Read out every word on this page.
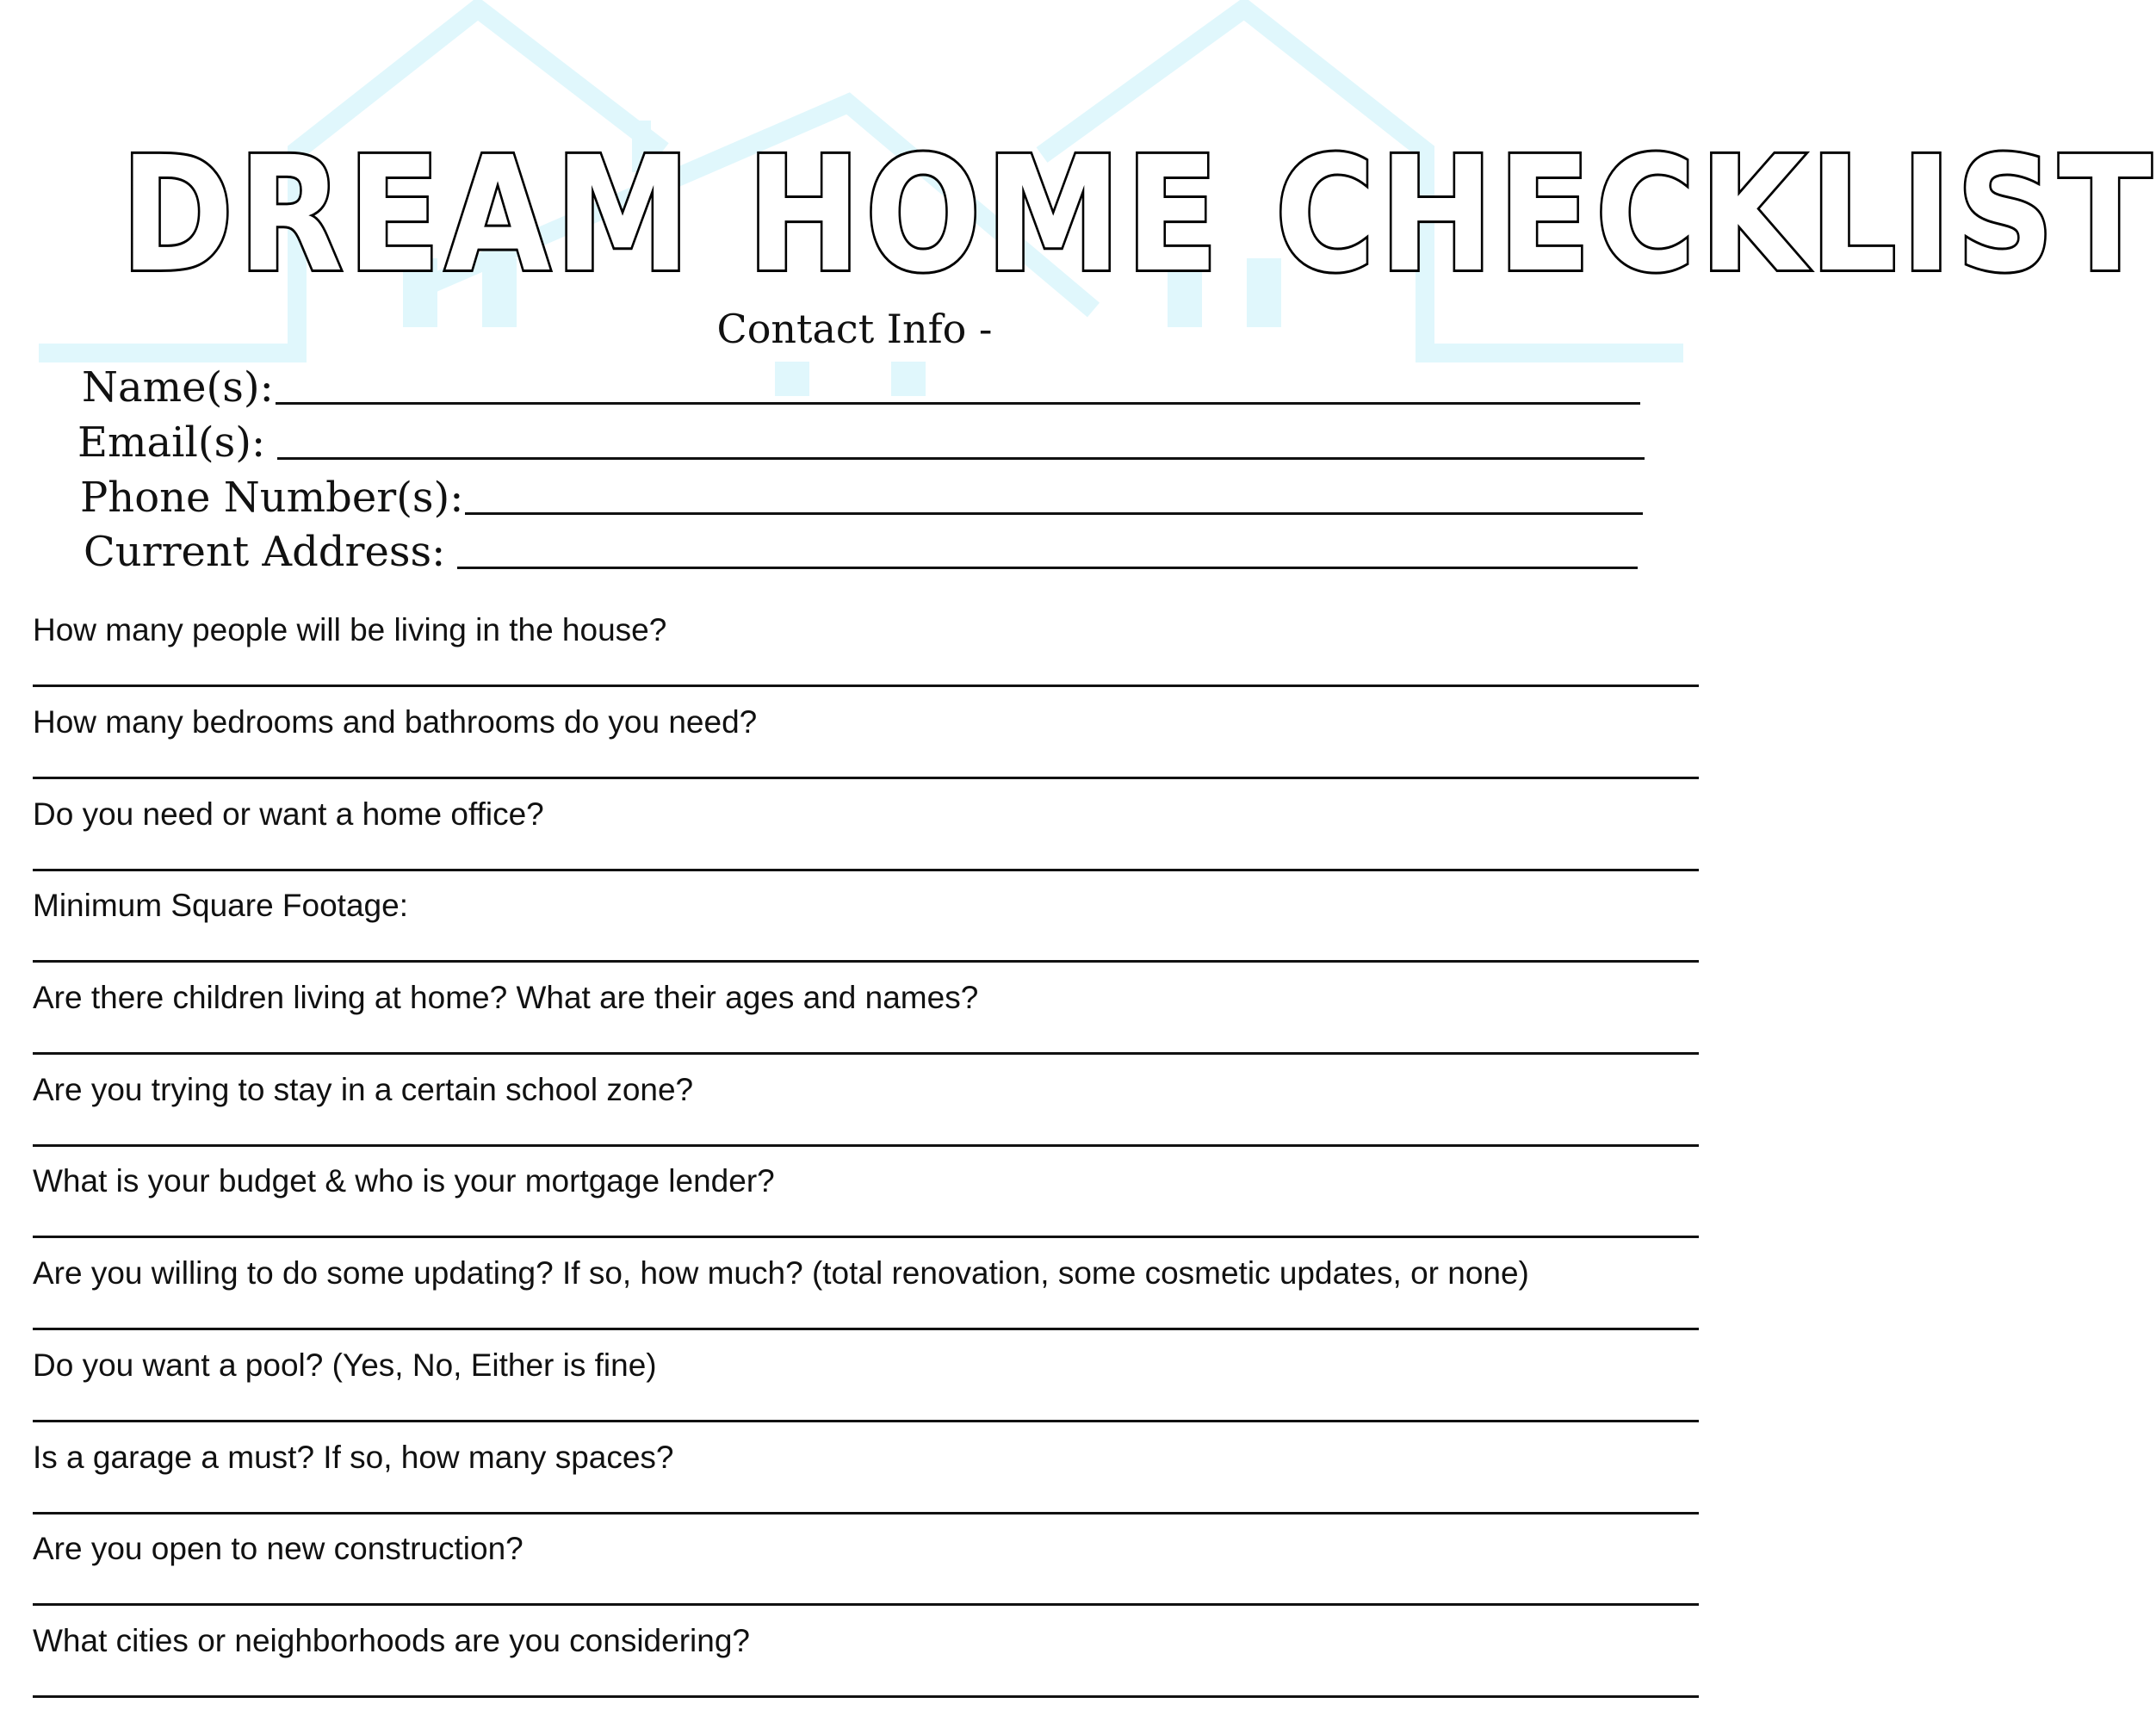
DREAM HOME CHECKLIST
Contact Info -
Name(s):
Email(s):
Phone Number(s):
Current Address:
How many people will be living in the house?
How many bedrooms and bathrooms do you need?
Do you need or want a home office?
Minimum Square Footage:
Are there children living at home? What are their ages and names?
Are you trying to stay in a certain school zone?
What is your budget & who is your mortgage lender?
Are you willing to do some updating? If so, how much? (total renovation, some cosmetic updates, or none)
Do you want a pool? (Yes, No, Either is fine)
Is a garage a must? If so, how many spaces?
Are you open to new construction?
What cities or neighborhoods are you considering?
